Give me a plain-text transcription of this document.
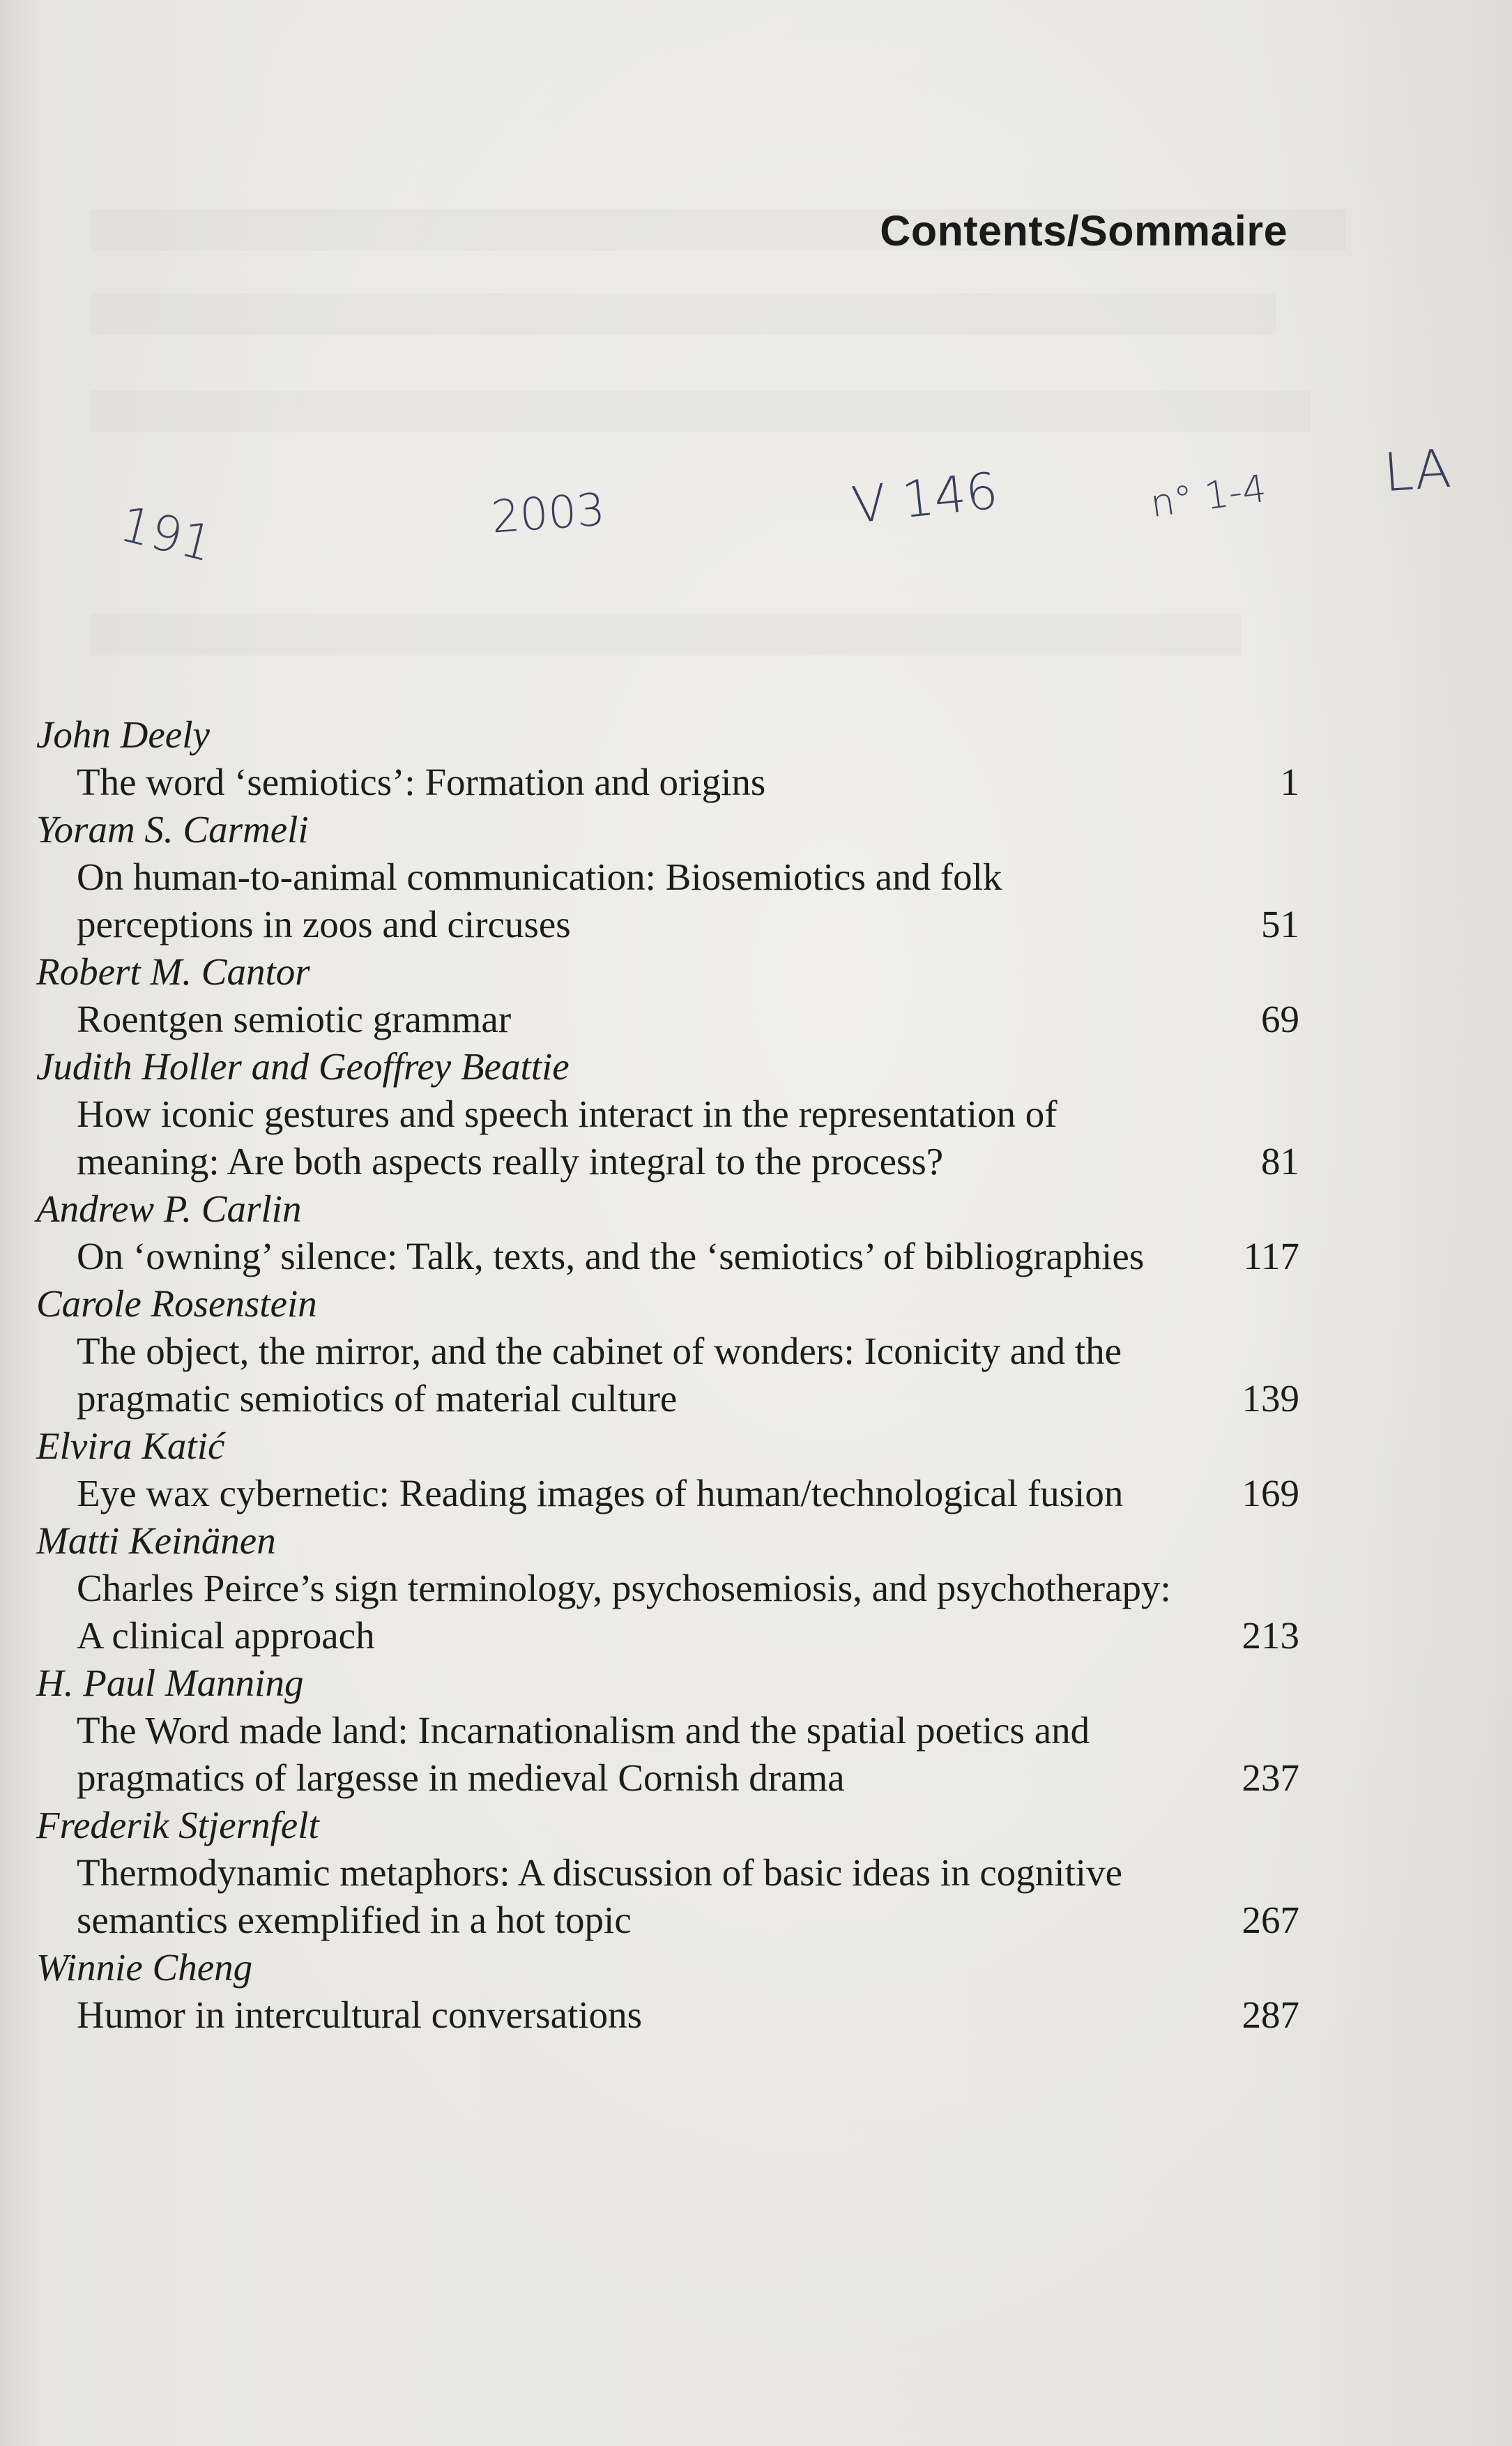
Contents/Sommaire
191	2003	V 146	n° 1-4 LA
John Deely
The word ‘semiotics’: Formation and origins	1
Yoram S. Carmeli
On human-to-animal communication: Biosemiotics and folk perceptions in zoos and circuses	51
Robert M. Cantor
Roentgen semiotic grammar	69
Judith Holler and Geoffrey Beattie
How iconic gestures and speech interact in the representation of meaning: Are both aspects really integral to the process?	81
Andrew P. Carlin
On ‘owning’ silence: Talk, texts, and the ‘semiotics’ of bibliographies	117
Carole Rosenstein
The object, the mirror, and the cabinet of wonders: Iconicity and the pragmatic semiotics of material culture	139
Elvira Katić
Eye wax cybernetic: Reading images of human/technological fusion	169
Matti Keinänen
Charles Peirce’s sign terminology, psychosemiosis, and psychotherapy: A clinical approach	213
H. Paul Manning
The Word made land: Incarnationalism and the spatial poetics and pragmatics of largesse in medieval Cornish drama	237
Frederik Stjernfelt
Thermodynamic metaphors: A discussion of basic ideas in cognitive semantics exemplified in a hot topic	267
Winnie Cheng
Humor in intercultural conversations	287
